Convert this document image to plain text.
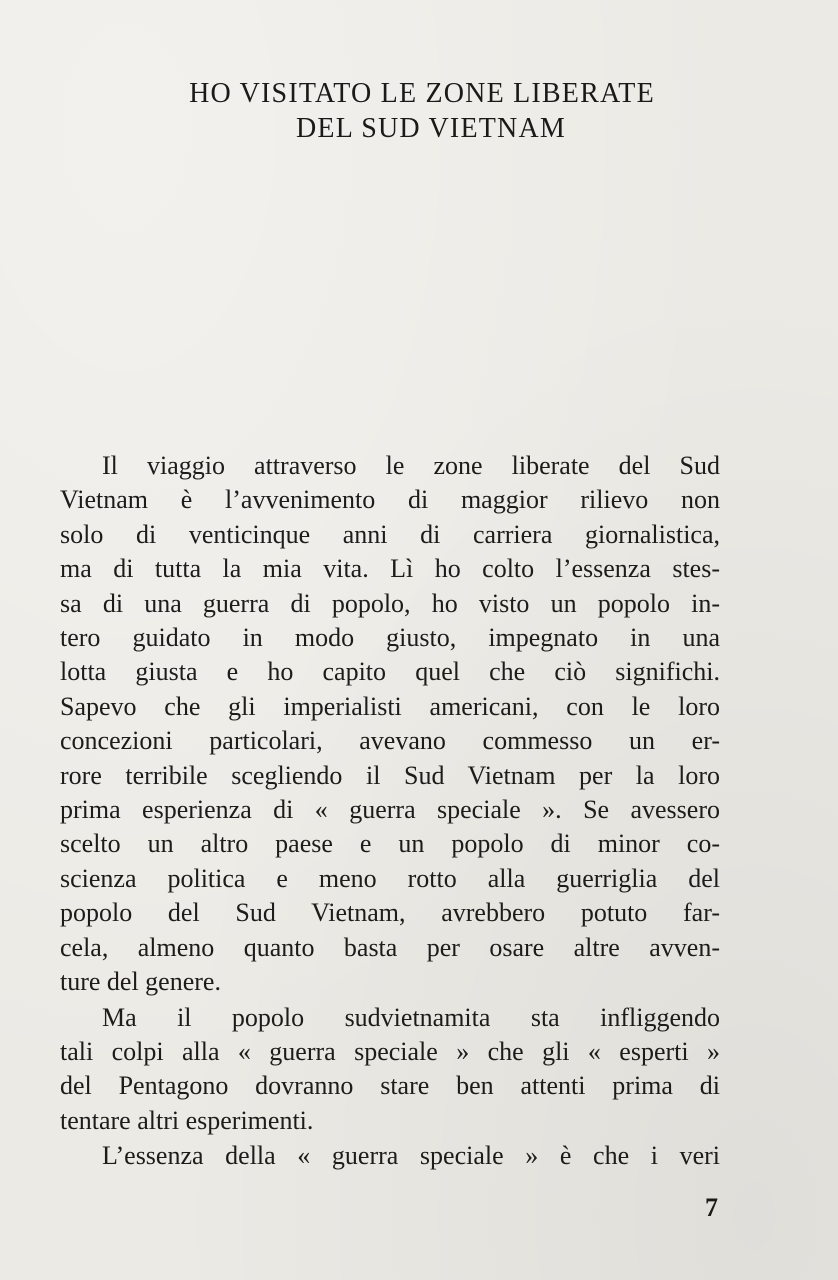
HO VISITATO LE ZONE LIBERATE
DEL SUD VIETNAM

Il viaggio attraverso le zone liberate del Sud

Vietnam è l’avvenimento di maggior rilievo non

solo di venticinque anni di carriera giornalistica,

ma di tutta la mia vita. Lì ho colto l’essenza stes-

sa di una guerra di popolo, ho visto un popolo in-

tero guidato in modo giusto, impegnato in una

lotta giusta e ho capito quel che ciò significhi.

Sapevo che gli imperialisti americani, con le loro

concezioni particolari, avevano commesso un er-

rore terribile scegliendo il Sud Vietnam per la loro

prima esperienza di « guerra speciale ». Se avessero

scelto un altro paese e un popolo di minor co-

scienza politica e meno rotto alla guerriglia del

popolo del Sud Vietnam, avrebbero potuto far-

cela, almeno quanto basta per osare altre avven-

ture del genere.

Ma il popolo sudvietnamita sta infliggendo

tali colpi alla « guerra speciale » che gli « esperti »

del Pentagono dovranno stare ben attenti prima di

tentare altri esperimenti.

L’essenza della « guerra speciale » è che i veri

7
